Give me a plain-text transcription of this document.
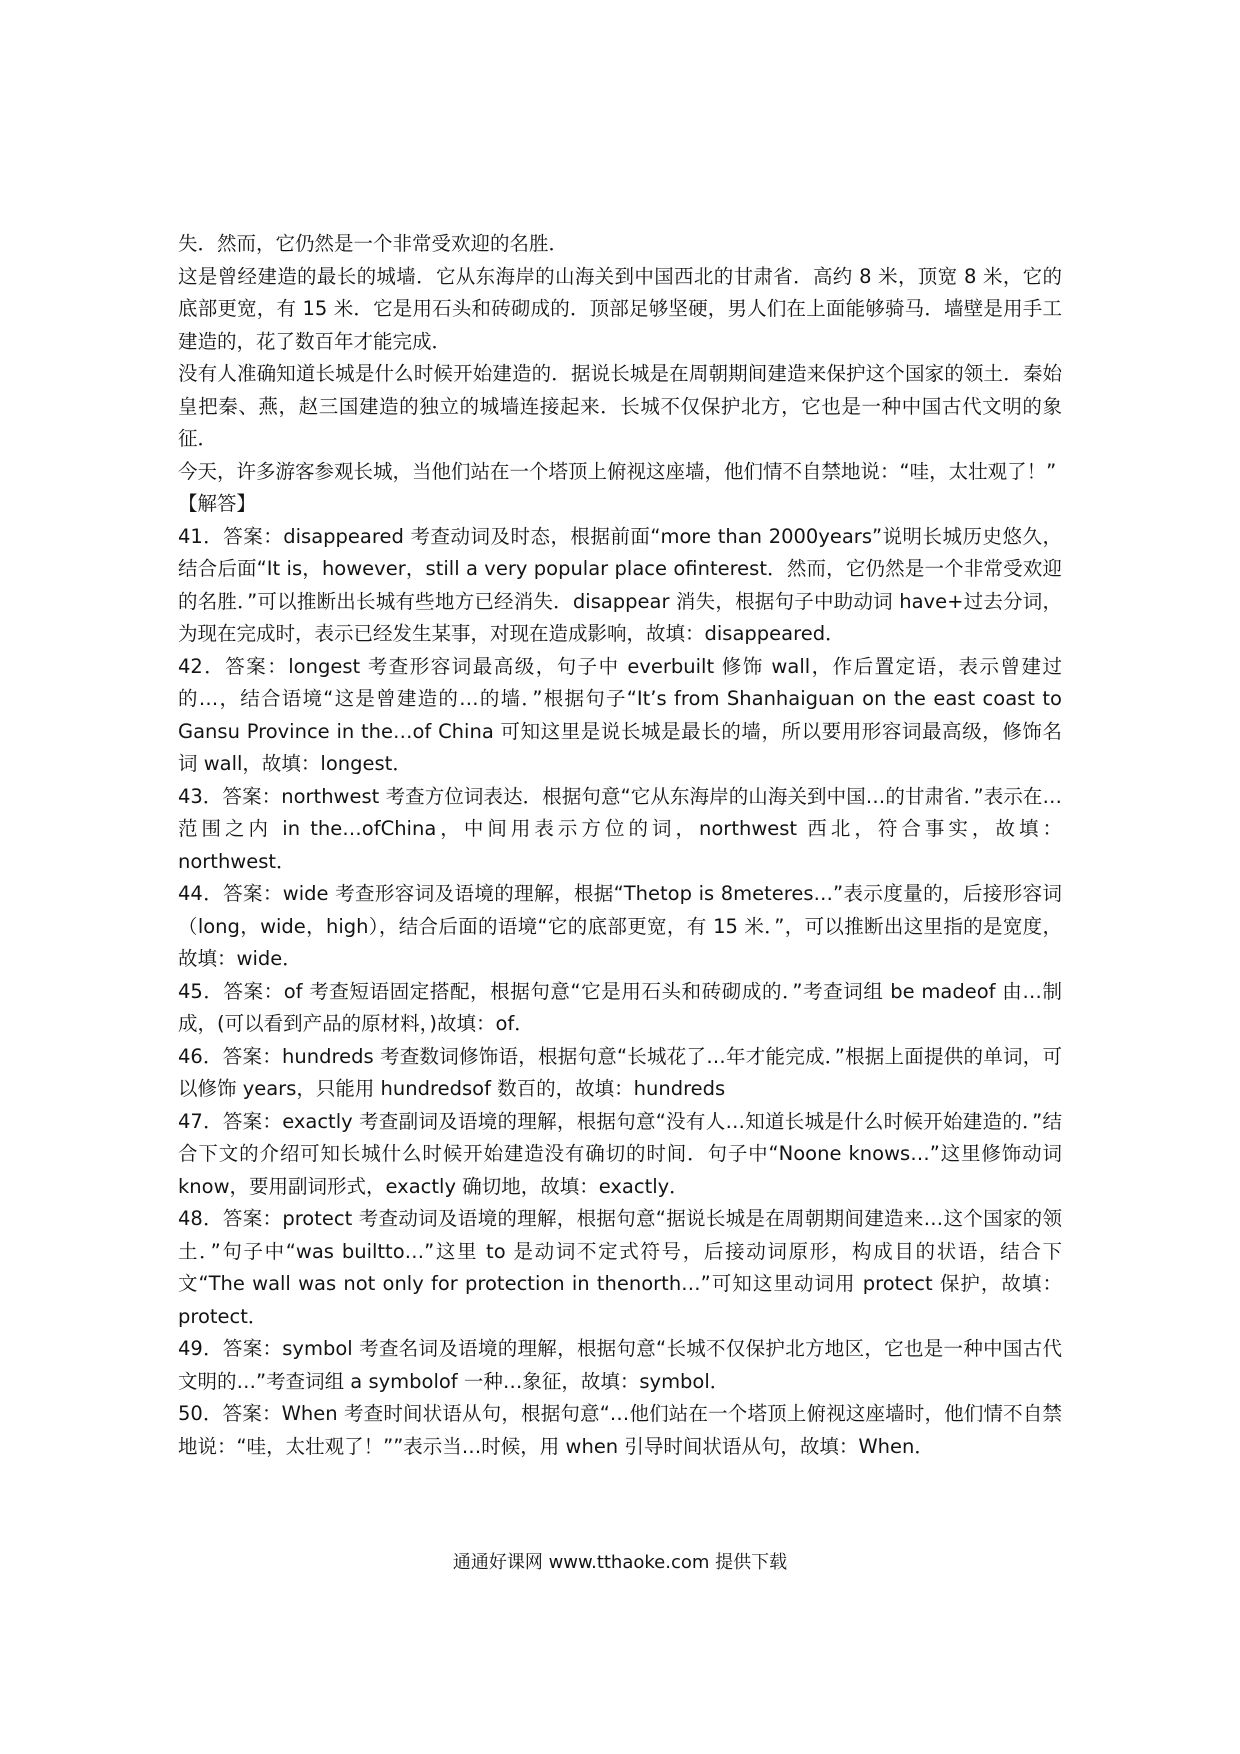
失．然而，它仍然是一个非常受欢迎的名胜．

这是曾经建造的最长的城墙．它从东海岸的山海关到中国西北的甘肃省．高约 8 米，顶宽 8 米，它的底部更宽，有 15 米．它是用石头和砖砌成的．顶部足够坚硬，男人们在上面能够骑马．墙壁是用手工建造的，花了数百年才能完成．

没有人准确知道长城是什么时候开始建造的．据说长城是在周朝期间建造来保护这个国家的领土．秦始皇把秦、燕，赵三国建造的独立的城墙连接起来．长城不仅保护北方，它也是一种中国古代文明的象征．

今天，许多游客参观长城，当他们站在一个塔顶上俯视这座墙，他们情不自禁地说：“哇，太壮观了！”

【解答】

41．答案：disappeared 考查动词及时态，根据前面“more than 2000years”说明长城历史悠久，结合后面“It is，however，still a very popular place ofinterest．然而，它仍然是一个非常受欢迎的名胜．”可以推断出长城有些地方已经消失．disappear 消失，根据句子中助动词 have+过去分词，为现在完成时，表示已经发生某事，对现在造成影响，故填：disappeared．

42．答案：longest 考查形容词最高级，句子中 everbuilt 修饰 wall，作后置定语，表示曾建过的…，结合语境“这是曾建造的…的墙．”根据句子“It’s from Shanhaiguan on the east coast to Gansu Province in the…of China 可知这里是说长城是最长的墙，所以要用形容词最高级，修饰名词 wall，故填：longest．

43．答案：northwest 考查方位词表达．根据句意“它从东海岸的山海关到中国…的甘肃省．”表示在…范围之内 in the…ofChina，中间用表示方位的词，northwest 西北，符合事实，故填：northwest．

44．答案：wide 考查形容词及语境的理解，根据“Thetop is 8meteres…”表示度量的，后接形容词（long，wide，high），结合后面的语境“它的底部更宽，有 15 米．”，可以推断出这里指的是宽度，故填：wide．

45．答案：of 考查短语固定搭配，根据句意“它是用石头和砖砌成的．”考查词组 be madeof 由…制成，(可以看到产品的原材料，)故填：of．

46．答案：hundreds 考查数词修饰语，根据句意“长城花了…年才能完成．”根据上面提供的单词，可以修饰 years，只能用 hundredsof 数百的，故填：hundreds

47．答案：exactly 考查副词及语境的理解，根据句意“没有人…知道长城是什么时候开始建造的．”结合下文的介绍可知长城什么时候开始建造没有确切的时间．句子中“Noone knows…”这里修饰动词 know，要用副词形式，exactly 确切地，故填：exactly．

48．答案：protect 考查动词及语境的理解，根据句意“据说长城是在周朝期间建造来…这个国家的领土．”句子中“was builtto…”这里 to 是动词不定式符号，后接动词原形，构成目的状语，结合下文“The wall was not only for protection in thenorth…”可知这里动词用 protect 保护，故填：protect．

49．答案：symbol 考查名词及语境的理解，根据句意“长城不仅保护北方地区，它也是一种中国古代文明的…”考查词组 a symbolof 一种…象征，故填：symbol．

50．答案：When 考查时间状语从句，根据句意“…他们站在一个塔顶上俯视这座墙时，他们情不自禁地说：“哇，太壮观了！””表示当…时候，用 when 引导时间状语从句，故填：When．

通通好课网 www.tthaoke.com 提供下载
